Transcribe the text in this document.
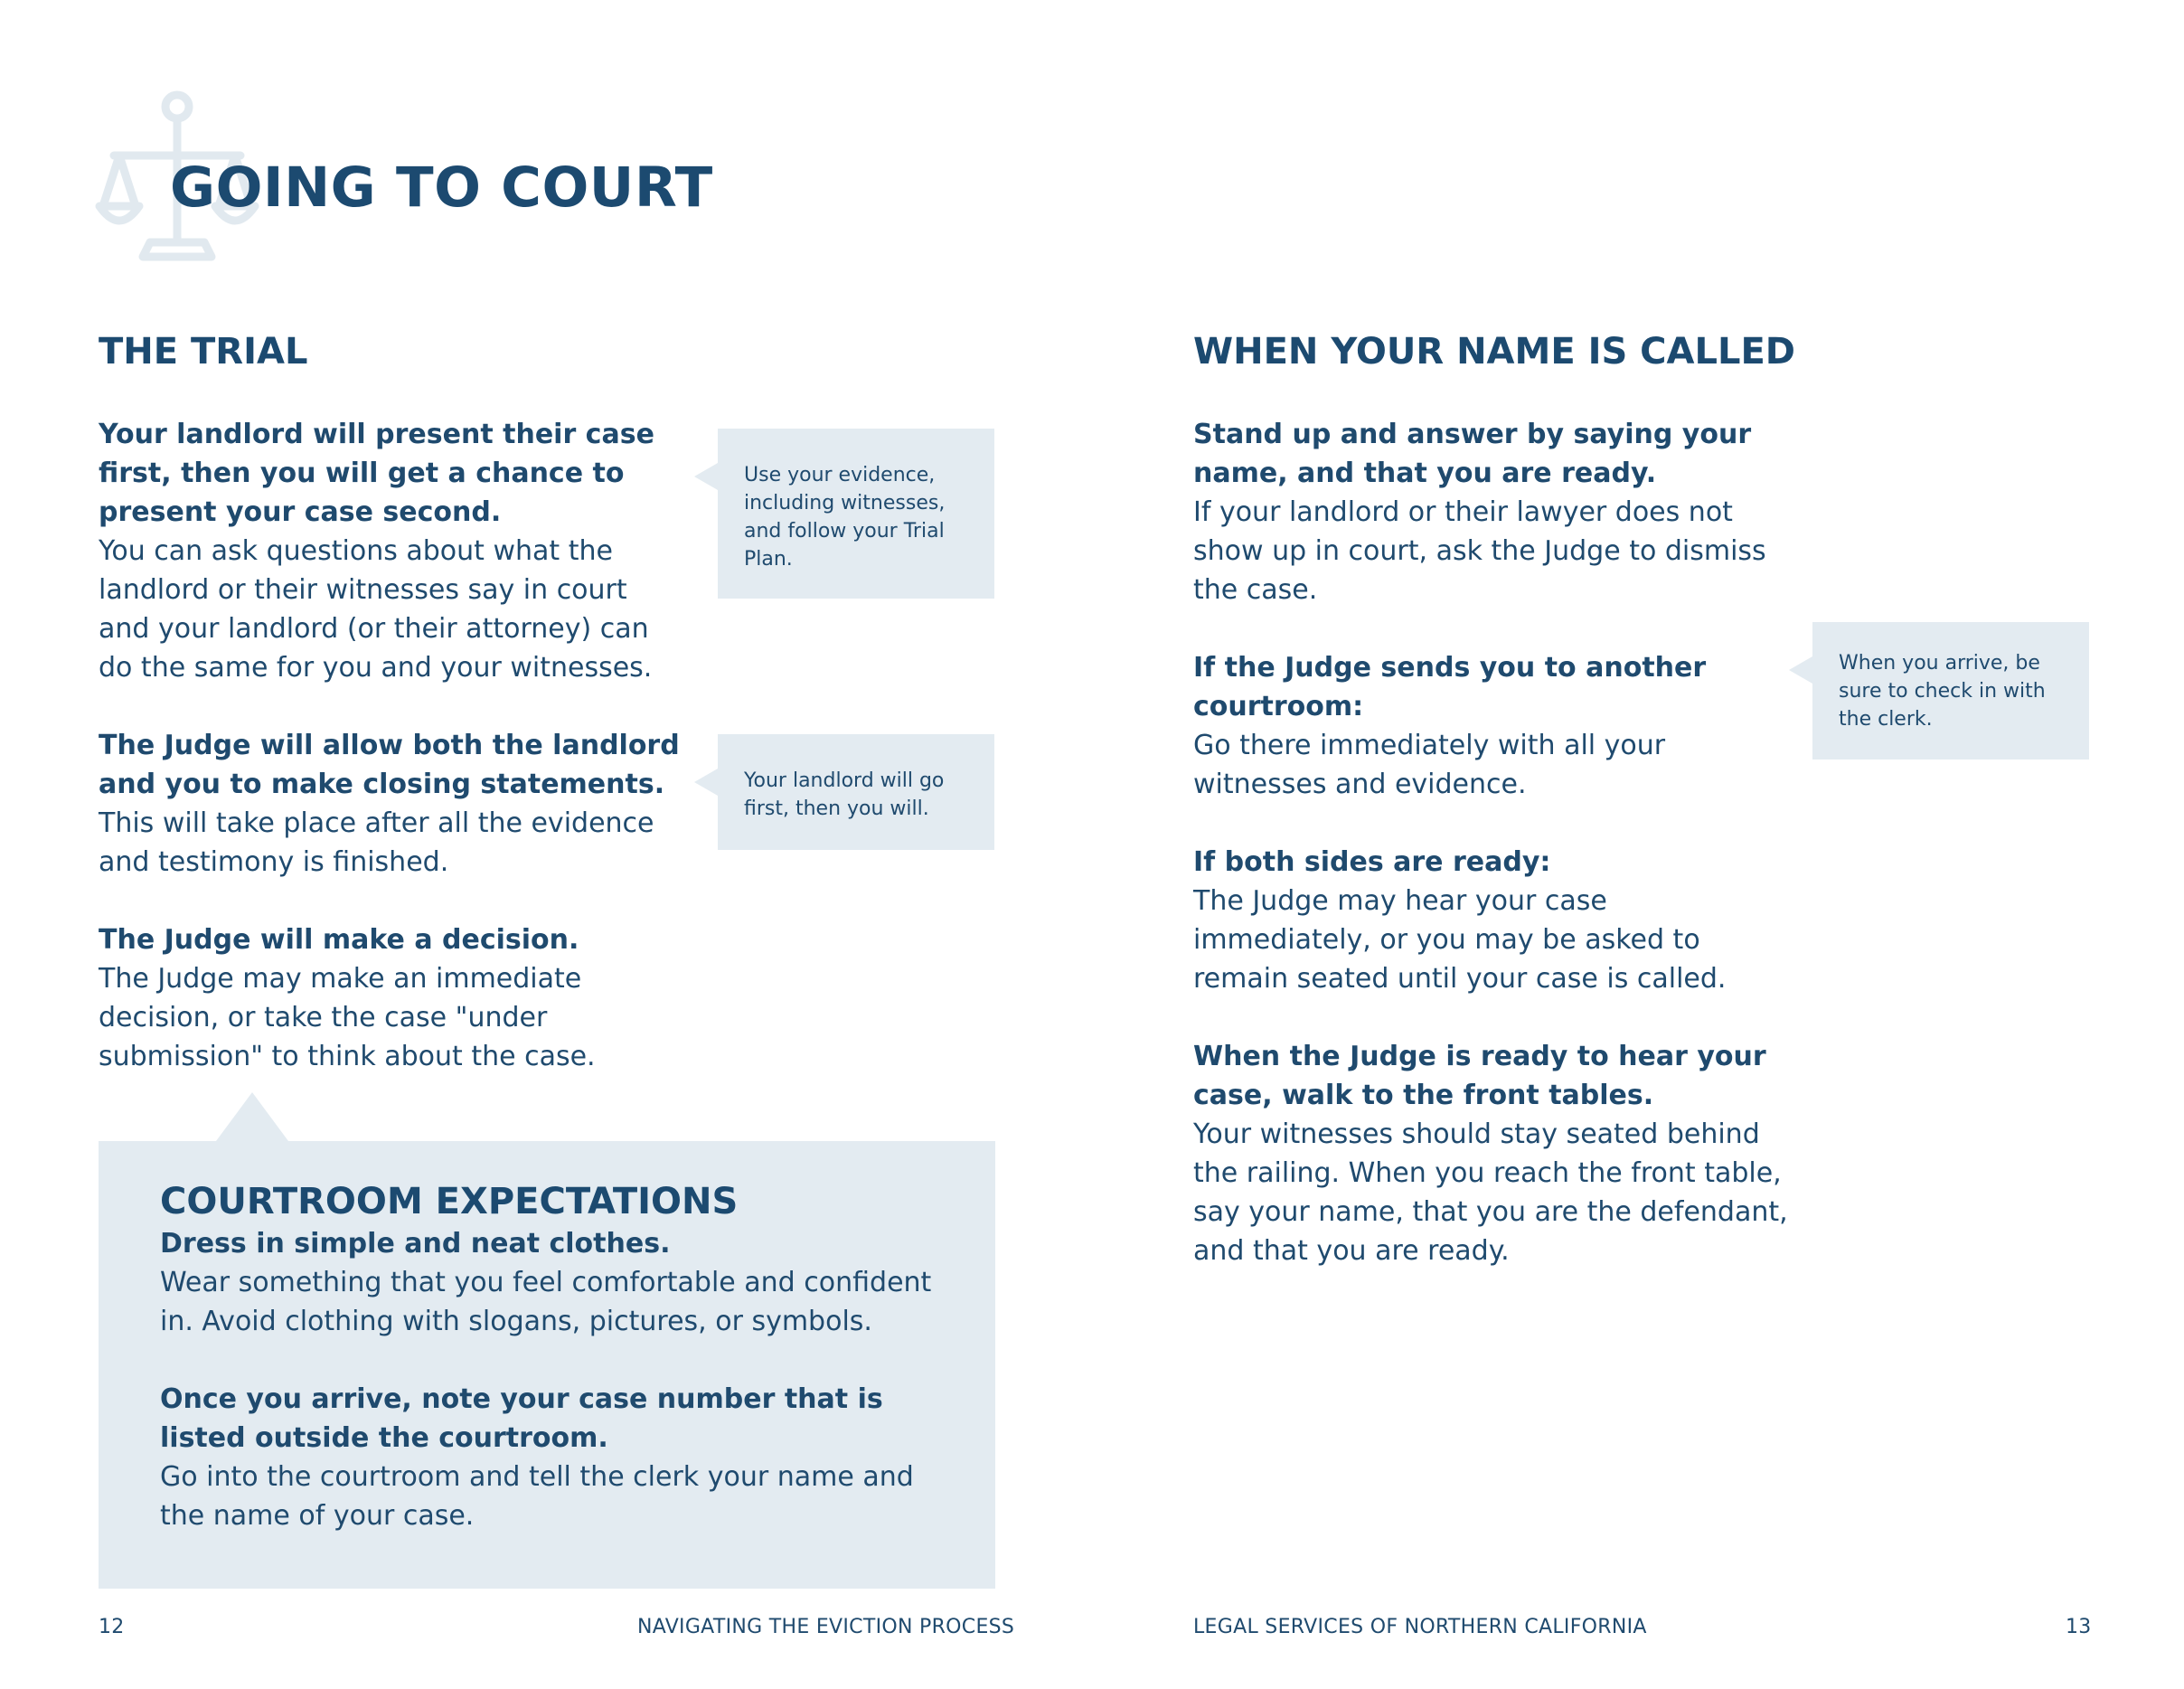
GOING TO COURT
THE TRIAL

Your landlord will present their case first, then you will get a chance to present your case second.
You can ask questions about what the landlord or their witnesses say in court and your landlord (or their attorney) can do the same for you and your witnesses.

The Judge will allow both the landlord and you to make closing statements.
This will take place after all the evidence and testimony is finished.

The Judge will make a decision.
The Judge may make an immediate decision, or take the case "under submission" to think about the case.

Use your evidence, including witnesses, and follow your Trial Plan.
Your landlord will go first, then you will.
COURTROOM EXPECTATIONS

Dress in simple and neat clothes.
Wear something that you feel comfortable and confident in. Avoid clothing with slogans, pictures, or symbols.

Once you arrive, note your case number that is listed outside the courtroom.
Go into the courtroom and tell the clerk your name and the name of your case.

WHEN YOUR NAME IS CALLED

Stand up and answer by saying your name, and that you are ready.
If your landlord or their lawyer does not show up in court, ask the Judge to dismiss the case.

If the Judge sends you to another courtroom:
Go there immediately with all your witnesses and evidence.

If both sides are ready:
The Judge may hear your case immediately, or you may be asked to remain seated until your case is called.

When the Judge is ready to hear your case, walk to the front tables.
Your witnesses should stay seated behind the railing. When you reach the front table, say your name, that you are the defendant, and that you are ready.

When you arrive, be sure to check in with the clerk.
12	NAVIGATING THE EVICTION PROCESS	LEGAL SERVICES OF NORTHERN CALIFORNIA	13
